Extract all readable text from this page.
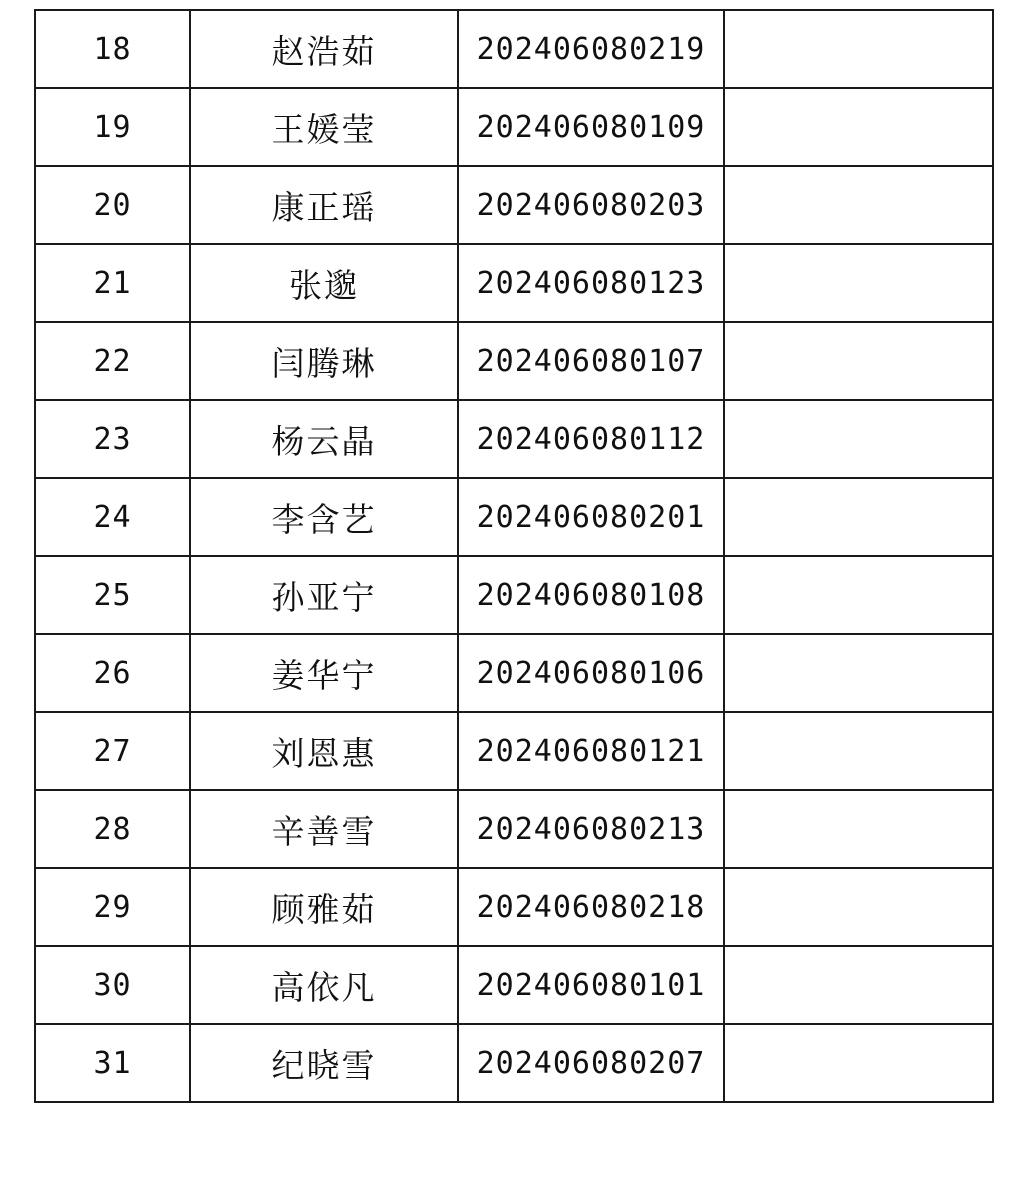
18	赵浩茹	202406080219	
19	王媛莹	202406080109	
20	康正瑶	202406080203	
21	张邈	202406080123	
22	闫腾琳	202406080107	
23	杨云晶	202406080112	
24	李含艺	202406080201	
25	孙亚宁	202406080108	
26	姜华宁	202406080106	
27	刘恩惠	202406080121	
28	辛善雪	202406080213	
29	顾雅茹	202406080218	
30	高依凡	202406080101	
31	纪晓雪	202406080207	
